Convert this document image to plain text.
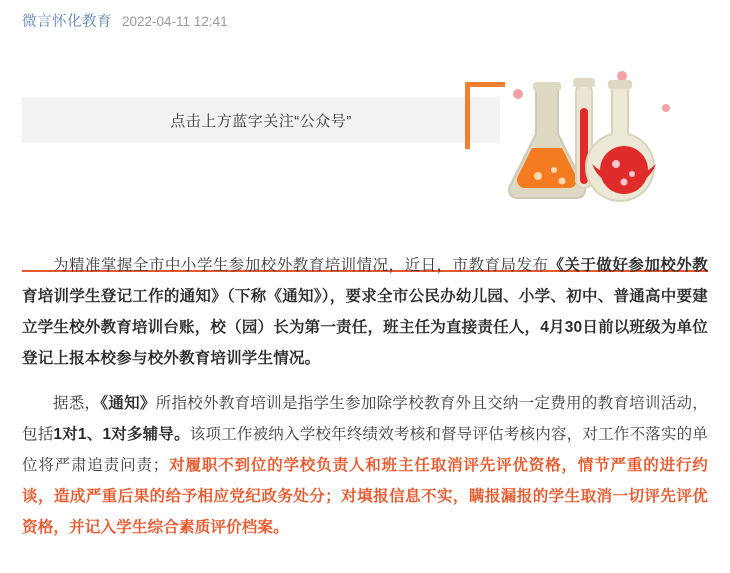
微言怀化教育 2022-04-11 12:41
点击上方蓝字关注“公众号”

为精准掌握全市中小学生参加校外教育培训情况，近日，市教育局发布《关于做好参加校外教育培训学生登记工作的通知》（下称《通知》），要求全市公民办幼儿园、小学、初中、普通高中要建立学生校外教育培训台账，校（园）长为第一责任，班主任为直接责任人，4月30日前以班级为单位登记上报本校参与校外教育培训学生情况。

据悉，《通知》所指校外教育培训是指学生参加除学校教育外且交纳一定费用的教育培训活动，包括1对1、1对多辅导。该项工作被纳入学校年终绩效考核和督导评估考核内容，对工作不落实的单位将严肃追责问责；对履职不到位的学校负责人和班主任取消评先评优资格，情节严重的进行约谈，造成严重后果的给予相应党纪政务处分；对填报信息不实，瞒报漏报的学生取消一切评先评优资格，并记入学生综合素质评价档案。
